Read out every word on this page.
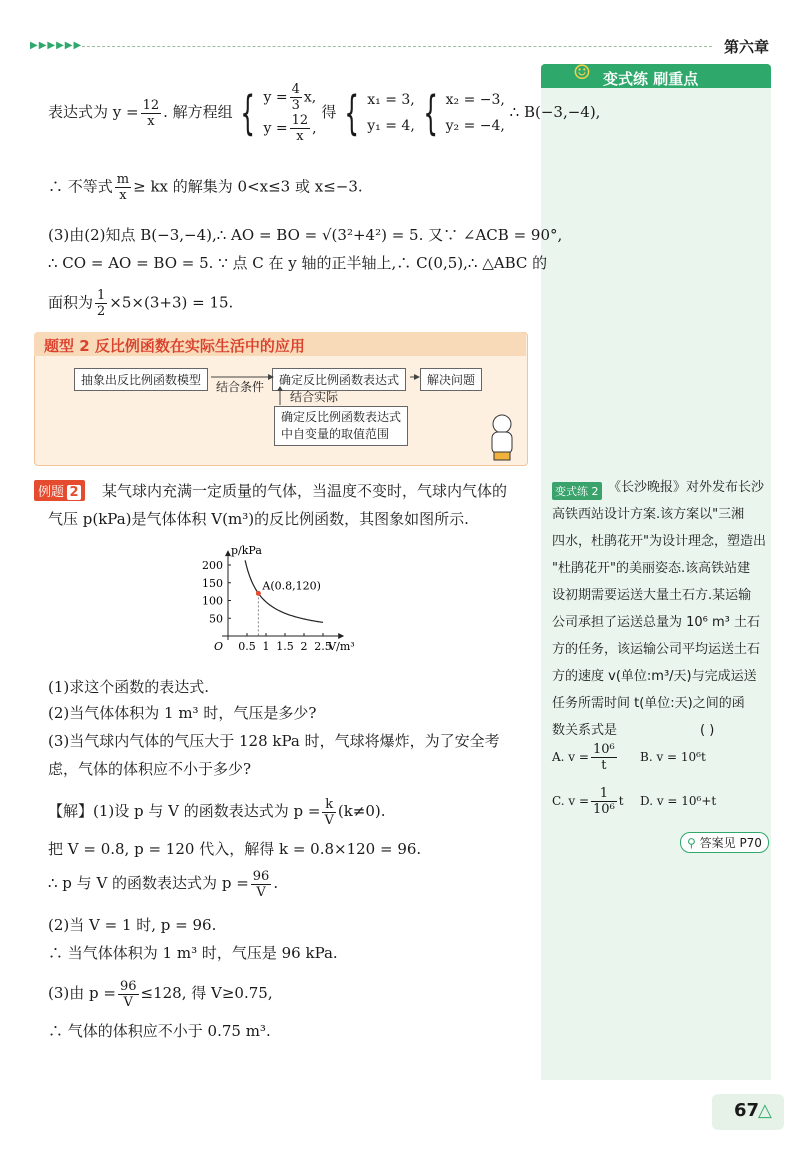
▶▶▶▶▶▶	第六章
☺ 变式练 刷重点
变式练 2 《长沙晚报》对外发布长沙
高铁西站设计方案.该方案以"三湘
四水，杜鹃花开"为设计理念，塑造出
"杜鹃花开"的美丽姿态.该高铁站建
设初期需要运送大量土石方.某运输
公司承担了运送总量为 10⁶ m³ 土石
方的任务，该运输公司平均运送土石
方的速度 v(单位:m³/天)与完成运送
任务所需时间 t(单位:天)之间的函
数关系式是	( )
A. $v = \frac{\text{10⁶}}{t} B$. v = 10⁶t
C. $v = \frac{1}{\text{10⁶}}$ t D. v = 10⁶+t
⚲ 答案见 P70
表达式为 $y = \frac{12}{x}$ . 解方程组 { $y = \frac{4}{3} x$,
$y = \frac{12}{x}$ ,
得 { x₁ = 3,
y₁ = 4, { x₂ = −3,
y₂ = −4,
∴ B(−3,−4),
∴ 不等式 $\frac{m}{x}$ ≥ kx 的解集为 0<x≤3 或 x≤−3.
(3)由(2)知点 B(−3,−4),∴ AO = BO = √(3²+4²) = 5. 又∵ ∠ACB = 90°,
∴ CO = AO = BO = 5. ∵ 点 C 在 y 轴的正半轴上,∴ C(0,5),∴ △ABC 的
面积为 $\frac{1}{2} \times 5\times(3+3) = 15$.
题型 2 反比例函数在实际生活中的应用
抽象出反比例函数模型	确定反比例函数表达式	解决问题
结合条件
结合实际
确定反比例函数表达式
中自变量的取值范围
例题 2	某气球内充满一定质量的气体，当温度不变时，气球内气体的
气压 p(kPa)是气体体积 V(m³)的反比例函数，其图象如图所示.
O
p/kPa
V/m³
0.5 1 1.5 2 2.5
50
100
150
200
A(0.8,120)
(1)求这个函数的表达式.
(2)当气体体积为 1 m³ 时，气压是多少?
(3)当气球内气体的气压大于 128 kPa 时，气球将爆炸，为了安全考
虑，气体的体积应不小于多少?
【解】(1)设 p 与 V 的函数表达式为 $p = \frac{k}{V} (k\ne 0)$.
把 V = 0.8, p = 120 代入，解得 k = 0.8×120 = 96.
∴ p 与 V 的函数表达式为 $p = \frac{96}{V}$ .
(2)当 V = 1 时, p = 96.
∴ 当气体体积为 1 m³ 时，气压是 96 kPa.
(3)由 $p = \frac{96}{V} \le 128$, 得 V≥0.75,
∴ 气体的体积应不小于 0.75 m³.
67
△
